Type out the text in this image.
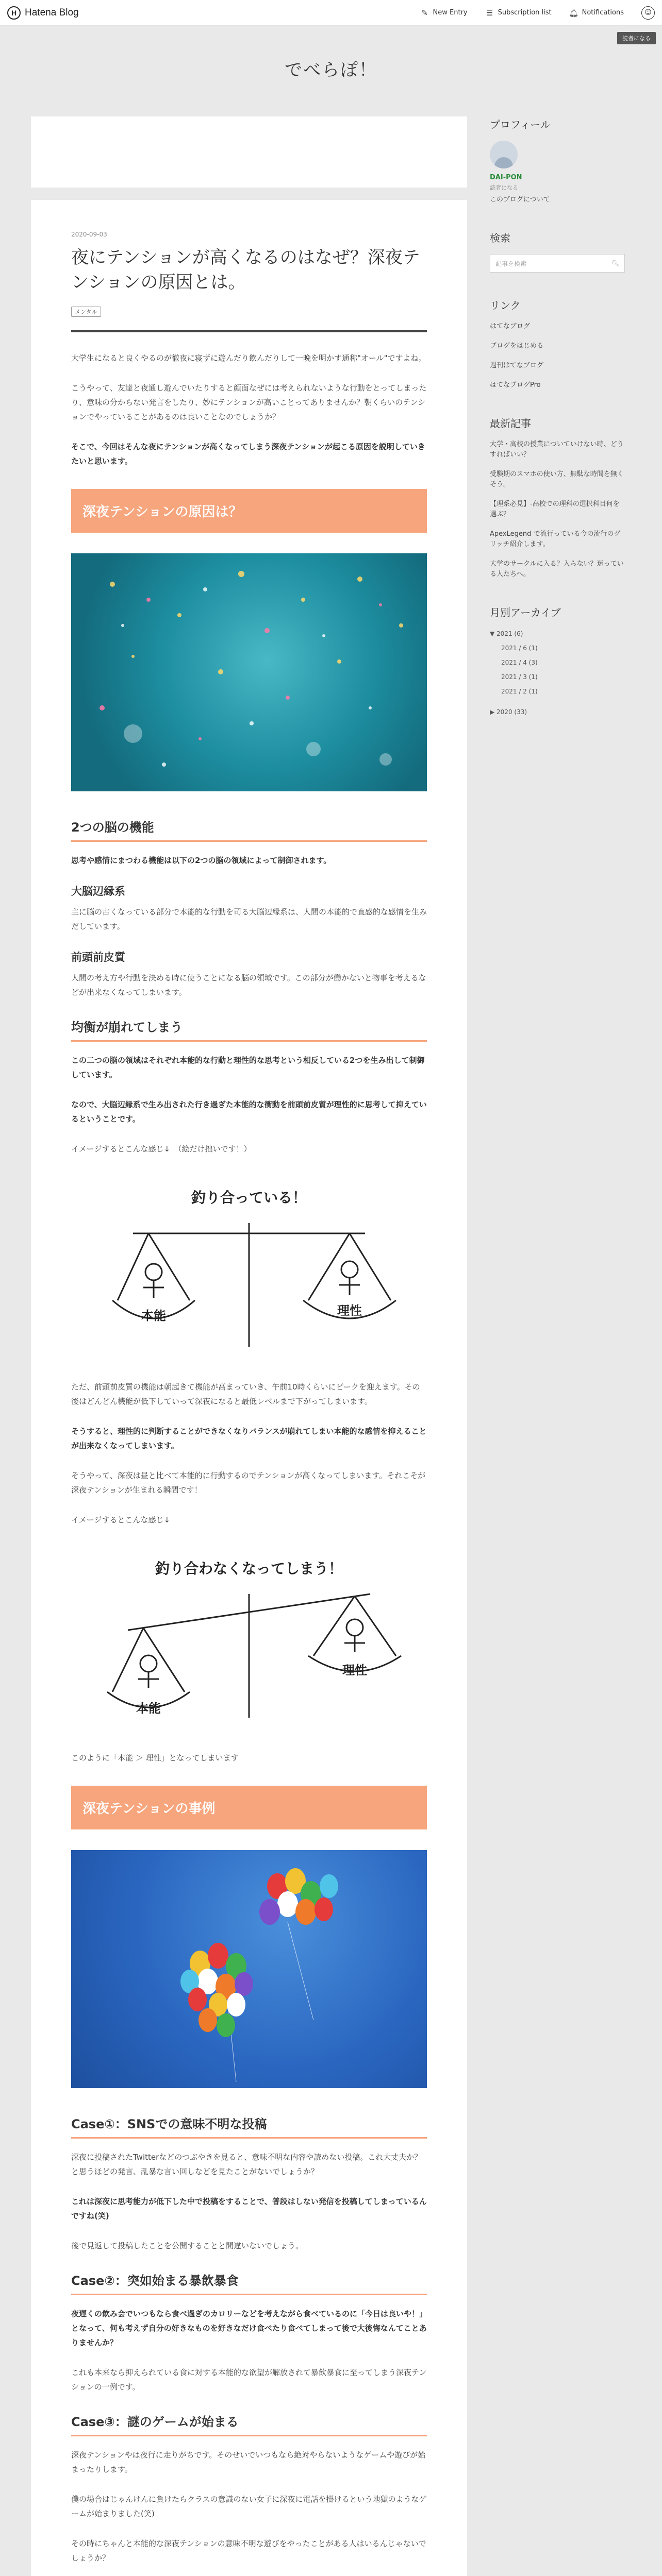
H Hatena Blog	✎ New Entry ☰ Subscription list 🔔︎ Notifications	☺
読者になる
でべらぽ！
2020-09-03
夜にテンションが高くなるのはなぜ？深夜テンションの原因とは。
メンタル

大学生になると良くやるのが徹夜に寝ずに遊んだり飲んだりして一晩を明かす通称"オール"ですよね。

こうやって、友達と夜通し遊んでいたりすると顔面なぜには考えられないような行動をとってしまったり、意味の分からない発言をしたり、妙にテンションが高いことってありませんか？朝くらいのテンションでやっていることがあるのは良いことなのでしょうか？

そこで、今回はそんな夜にテンションが高くなってしまう深夜テンションが起こる原因を説明していきたいと思います。

深夜テンションの原因は？
2つの脳の機能

思考や感情にまつわる機能は以下の2つの脳の領域によって制御されます。

大脳辺縁系

主に脳の古くなっている部分で本能的な行動を司る大脳辺縁系は、人間の本能的で直感的な感情を生みだしています。

前頭前皮質

人間の考え方や行動を決める時に使うことになる脳の領域です。この部分が働かないと物事を考えるなどが出来なくなってしまいます。

均衡が崩れてしまう

この二つの脳の領域はそれぞれ本能的な行動と理性的な思考という相反している2つを生み出して制御しています。

なので、大脳辺縁系で生み出された行き過ぎた本能的な衝動を前頭前皮質が理性的に思考して抑えているということです。

イメージするとこんな感じ↓　（絵だけ拙いです！）

釣り合っている！
本能	理性

ただ、前頭前皮質の機能は朝起きて機能が高まっていき、午前10時くらいにピークを迎えます。その後はどんどん機能が低下していって深夜になると最低レベルまで下がってしまいます。

そうすると、理性的に判断することができなくなりバランスが崩れてしまい本能的な感情を抑えることが出来なくなってしまいます。

そうやって、深夜は昼と比べて本能的に行動するのでテンションが高くなってしまいます。それこそが深夜テンションが生まれる瞬間です！

イメージするとこんな感じ↓

釣り合わなくなってしまう！
本能
理性

このように「本能 ＞ 理性」となってしまいます

深夜テンションの事例
Case①：SNSでの意味不明な投稿

深夜に投稿されたTwitterなどのつぶやきを見ると、意味不明な内容や読めない投稿。これ大丈夫か？と思うほどの発言、乱暴な言い回しなどを見たことがないでしょうか？

これは深夜に思考能力が低下した中で投稿をすることで、普段はしない発信を投稿してしまっているんですね(笑)

後で見返して投稿したことを公開することと間違いないでしょう。

Case②：突如始まる暴飲暴食

夜遅くの飲み会でいつもなら食べ過ぎのカロリーなどを考えながら食べているのに「今日は良いや！」となって、何も考えず自分の好きなものを好きなだけ食べたり食べてしまって後で大後悔なんてことありませんか？

これも本来なら抑えられている食に対する本能的な欲望が解放されて暴飲暴食に至ってしまう深夜テンションの一例です。

Case③：謎のゲームが始まる

深夜テンションやは夜行に走りがちです。そのせいでいつもなら絶対やらないようなゲームや遊びが始まったりします。

僕の場合はじゃんけんに負けたらクラスの意識のない女子に深夜に電話を掛けるという地獄のようなゲームが始まりました(笑)

その時にちゃんと本能的な深夜テンションの意味不明な遊びをやったことがある人はいるんじゃないでしょうか？

プロフィール
DAI-PON
読者になる
このブログについて
検索
記事を検索	🔍︎
リンク
はてなブログ
ブログをはじめる
週刊はてなブログ
はてなブログPro
最新記事
大学・高校の授業についていけない時、どうすればいい？
受験期のスマホの使い方、無駄な時間を無くそう。
【理系必見】-高校での理科の選択科目何を選ぶ？
ApexLegend で流行っている今の流行のグリッチ紹介します。
大学のサークルに入る？入らない？迷っている人たちへ。
月別アーカイブ
▼ 2021 (6)
2021 / 6 (1)
2021 / 4 (3)
2021 / 3 (1)
2021 / 2 (1)
▶ 2020 (33)
